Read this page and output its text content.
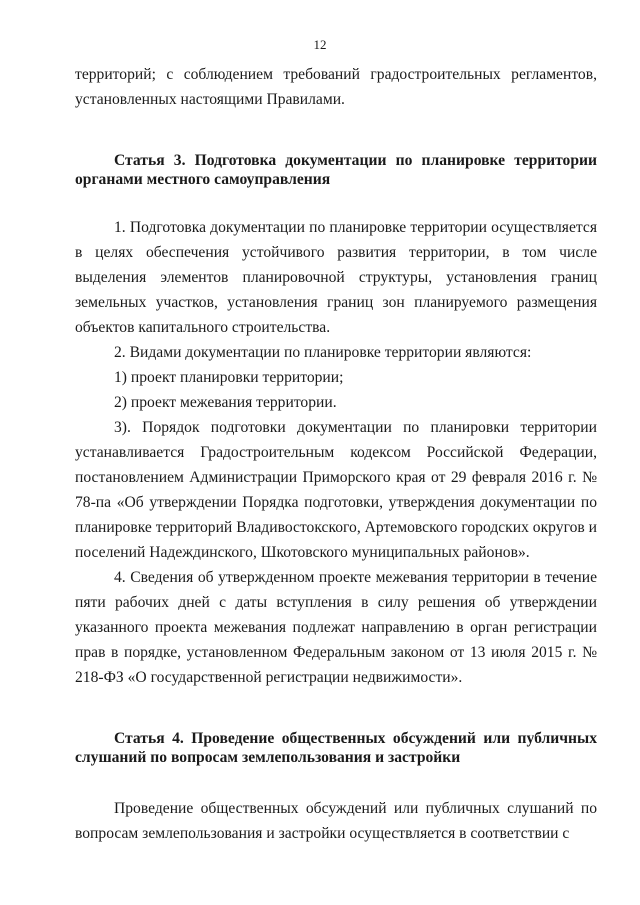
12

территорий; с соблюдением требований градостроительных регламентов, установленных настоящими Правилами.

Статья 3. Подготовка документации по планировке территории органами местного самоуправления

1. Подготовка документации по планировке территории осуществляется в целях обеспечения устойчивого развития территории, в том числе выделения элементов планировочной структуры, установления границ земельных участков, установления границ зон планируемого размещения объектов капитального строительства.

2. Видами документации по планировке территории являются:

1) проект планировки территории;

2) проект межевания территории.

3). Порядок подготовки документации по планировки территории устанавливается Градостроительным кодексом Российской Федерации, постановлением Администрации Приморского края от 29 февраля 2016 г. № 78-па «Об утверждении Порядка подготовки, утверждения документации по планировке территорий Владивостокского, Артемовского городских округов и поселений Надеждинского, Шкотовского муниципальных районов».

4. Сведения об утвержденном проекте межевания территории в течение пяти рабочих дней с даты вступления в силу решения об утверждении указанного проекта межевания подлежат направлению в орган регистрации прав в порядке, установленном Федеральным законом от 13 июля 2015 г. № 218-ФЗ «О государственной регистрации недвижимости».

Статья 4. Проведение общественных обсуждений или публичных слушаний по вопросам землепользования и застройки

Проведение общественных обсуждений или публичных слушаний по вопросам землепользования и застройки осуществляется в соответствии с
